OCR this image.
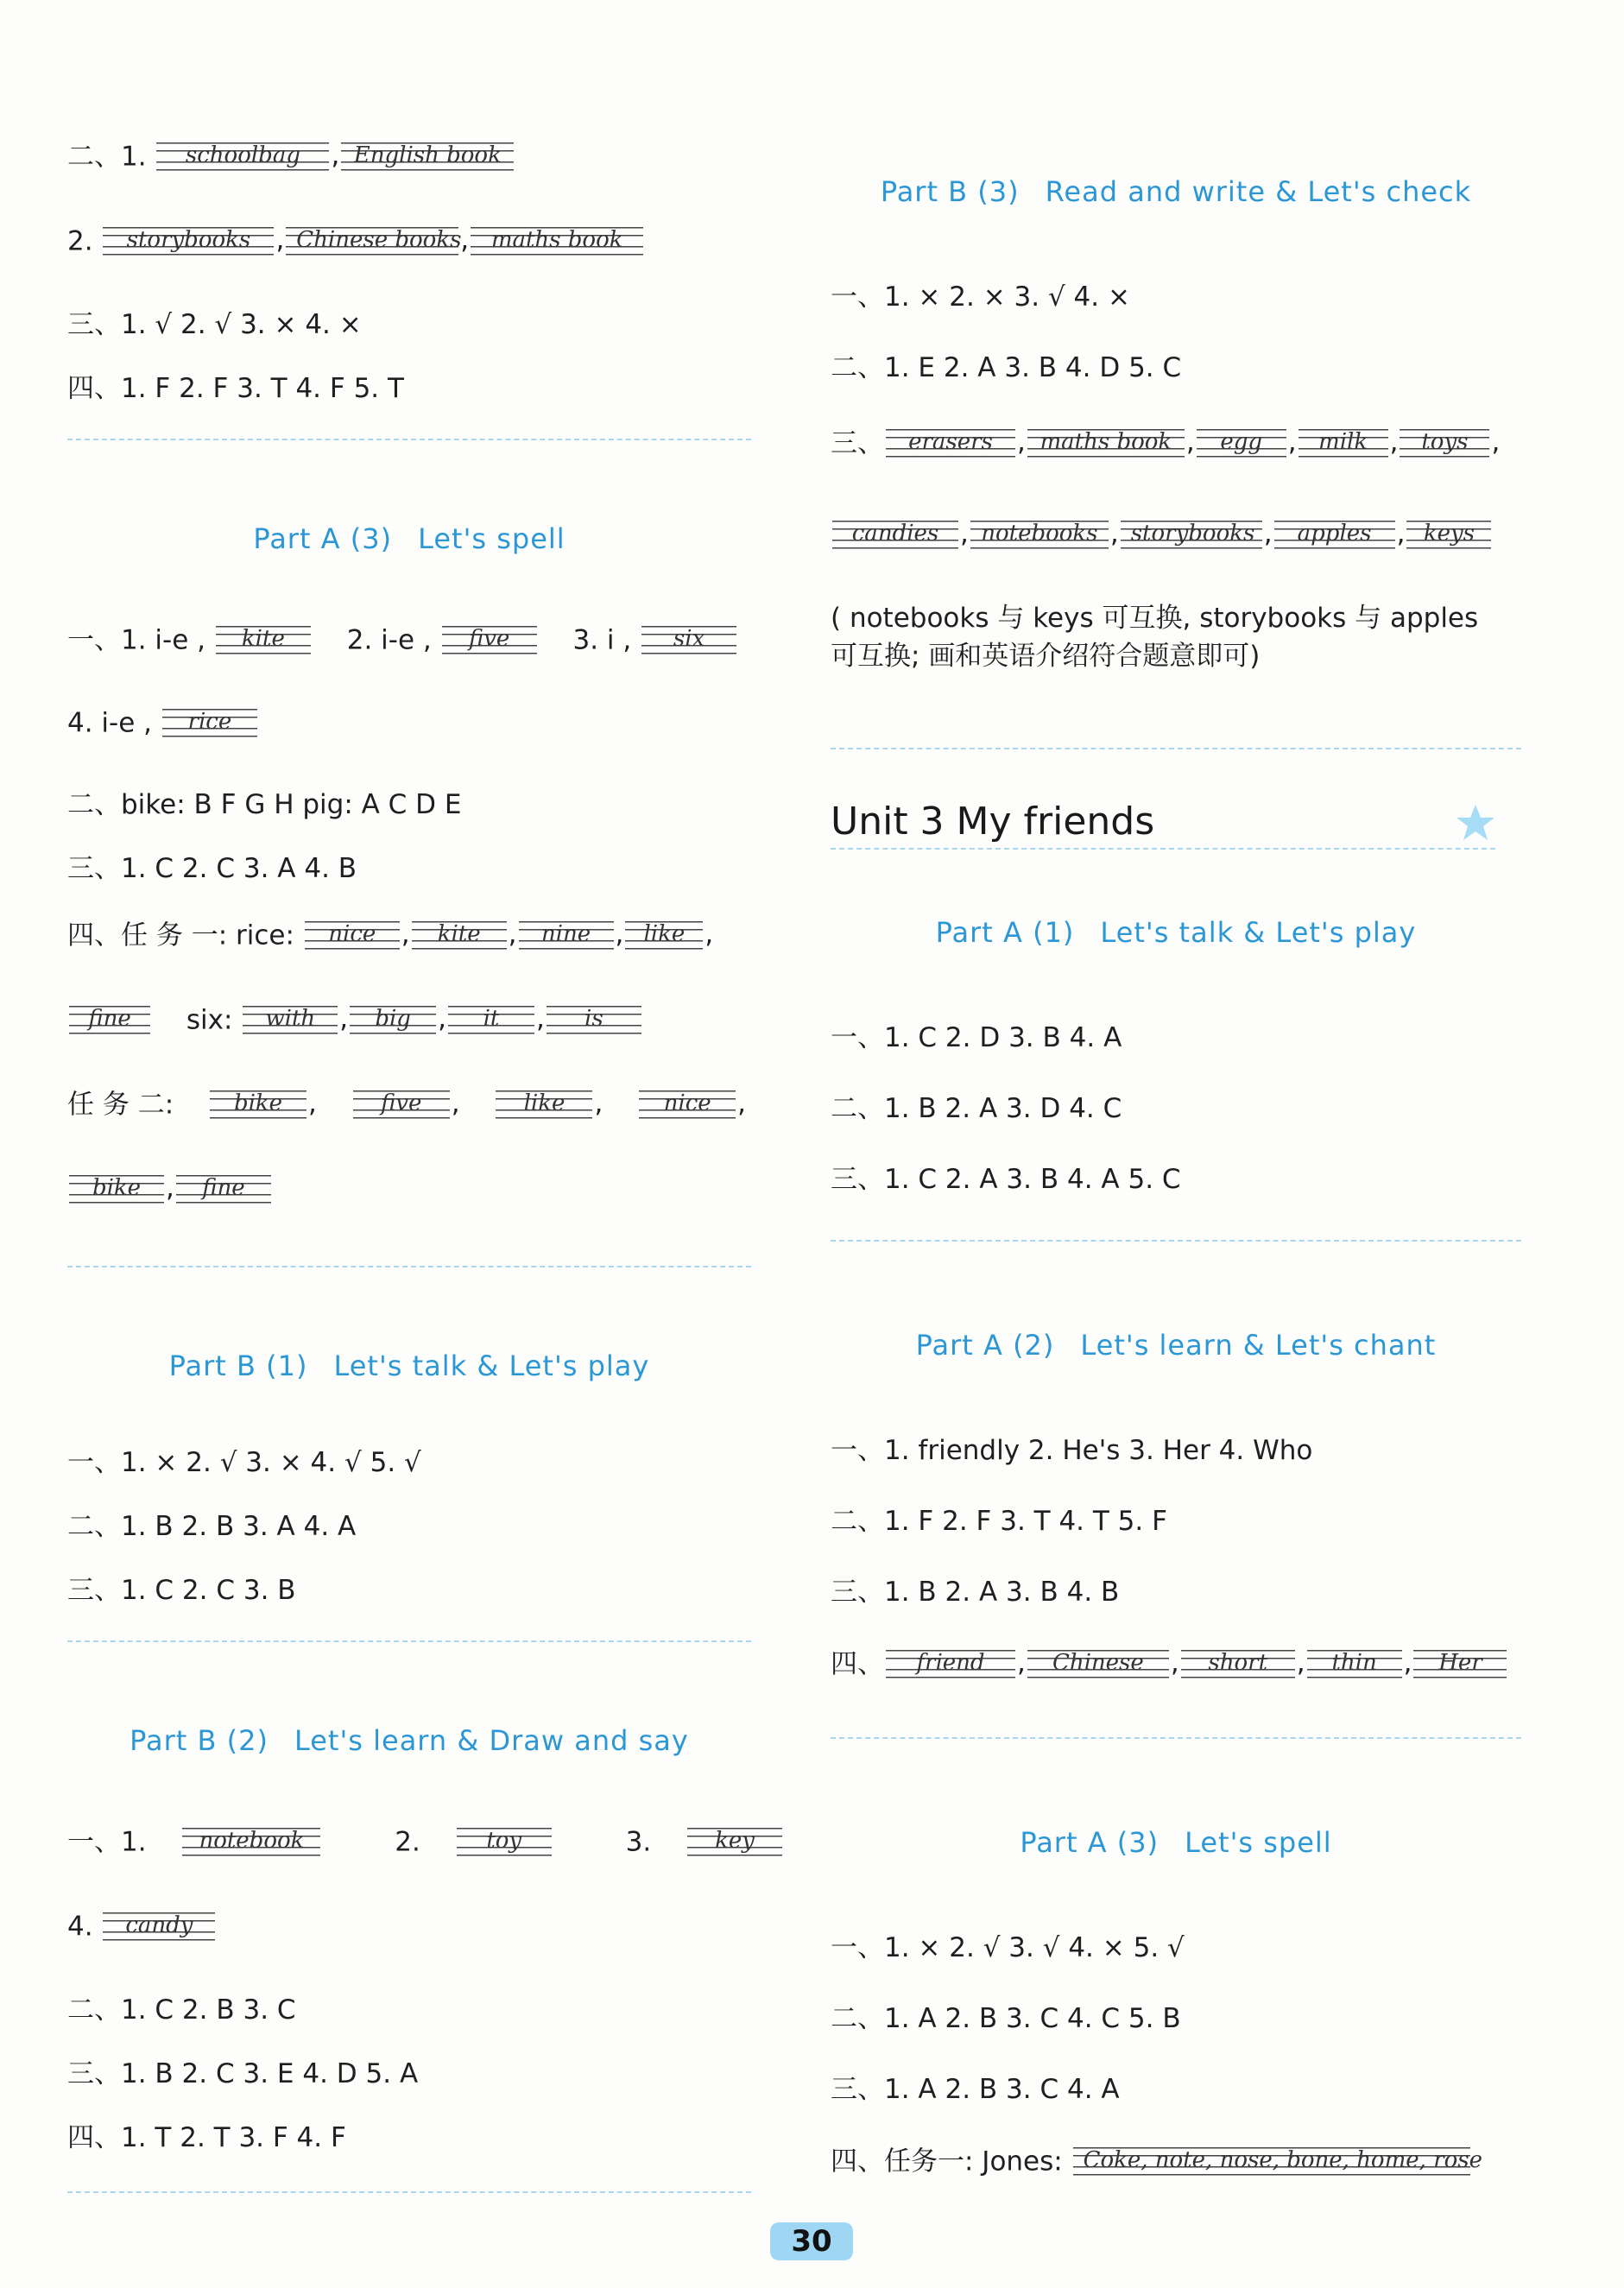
二、1. schoolbag , English book
2. storybooks , Chinese books, maths book
三、1. √ 2. √ 3. × 4. ×
四、1. F 2. F 3. T 4. F 5. T
Part A (3) Let's spell
一、1. i-e , kite 2. i-e , five 3. i , six
4. i-e , rice
二、bike: B F G H pig: A C D E
三、1. C 2. C 3. A 4. B
四、任 务 一: rice: nice , kite , nine , like ,
fine six: with , big , it , is
任 务 二:	bike , five , like , nice ,
bike , fine
Part B (1) Let's talk & Let's play
一、1. × 2. √ 3. × 4. √ 5. √
二、1. B 2. B 3. A 4. A
三、1. C 2. C 3. B
Part B (2) Let's learn & Draw and say
一、1. notebook	2.	toy	3.	key
4. candy
二、1. C 2. B 3. C
三、1. B 2. C 3. E 4. D 5. A
四、1. T 2. T 3. F 4. F
Part B (3) Read and write & Let's check
一、1. × 2. × 3. √ 4. ×
二、1. E 2. A 3. B 4. D 5. C
三、 erasers , maths book , egg , milk , toys ,
candies , notebooks , storybooks , apples , keys
( notebooks 与 keys 可互换, storybooks 与 apples 可互换; 画和英语介绍符合题意即可)
Unit 3 My friends
Part A (1) Let's talk & Let's play
一、1. C 2. D 3. B 4. A
二、1. B 2. A 3. D 4. C
三、1. C 2. A 3. B 4. A 5. C
Part A (2) Let's learn & Let's chant
一、1. friendly 2. He's 3. Her 4. Who
二、1. F 2. F 3. T 4. T 5. F
三、1. B 2. A 3. B 4. B
四、 friend , Chinese , short , thin , Her
Part A (3) Let's spell
一、1. × 2. √ 3. √ 4. × 5. √
二、1. A 2. B 3. C 4. C 5. B
三、1. A 2. B 3. C 4. A
四、任务一: Jones: Coke, note, nose, bone, home, rose
30
